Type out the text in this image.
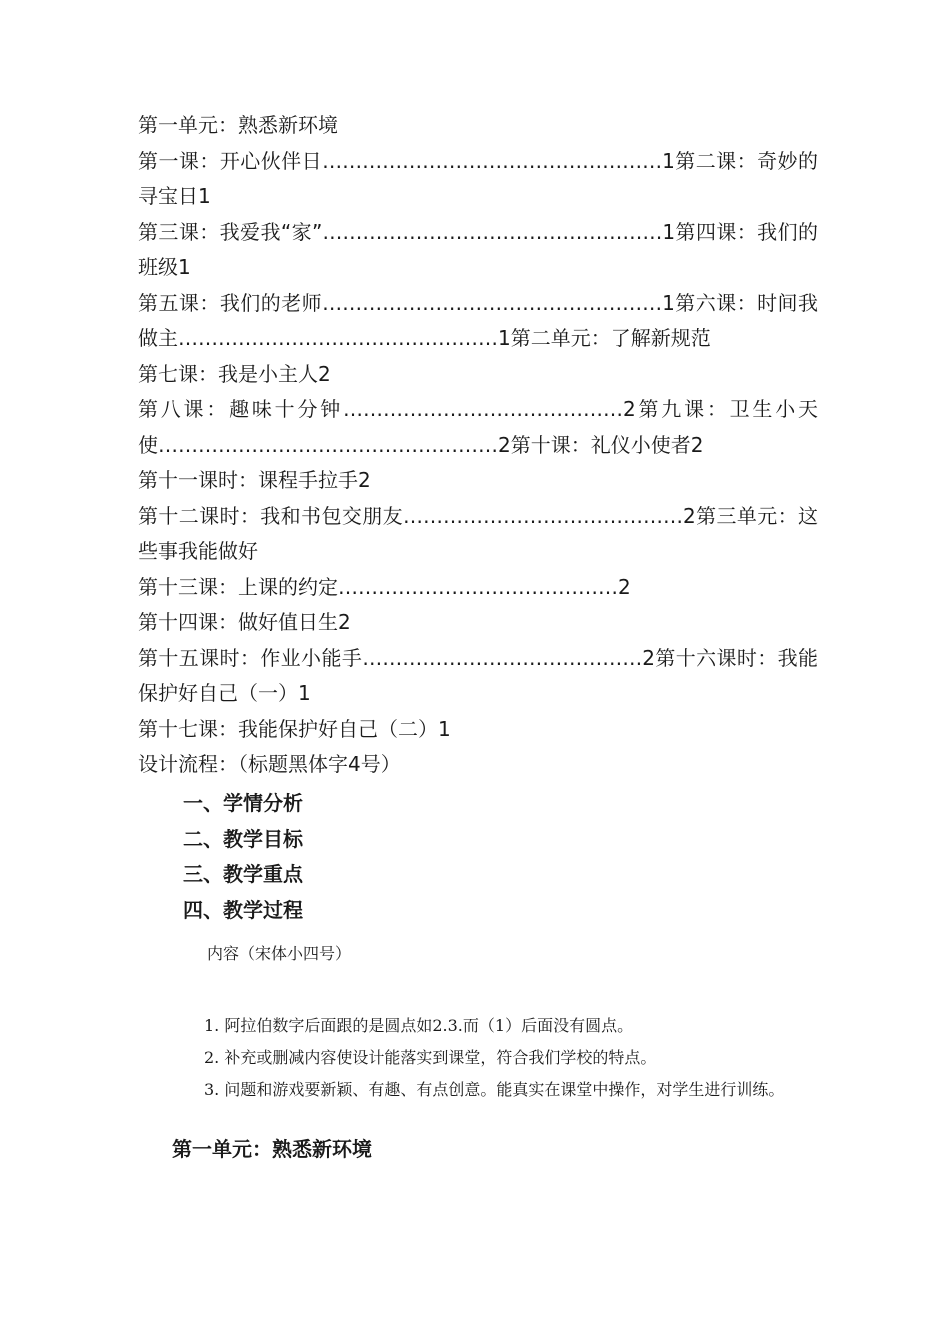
第一单元：熟悉新环境

第一课：开心伙伴日……………………………………………1第二课：奇妙的寻宝日1

第三课：我爱我“家”……………………………………………1第四课：我们的班级1

第五课：我们的老师……………………………………………1第六课：时间我做主…………………………………………1第二单元：了解新规范

第七课：我是小主人2

第八课：趣味十分钟……………………………………2第九课：卫生小天使……………………………………………2第十课：礼仪小使者2

第十一课时：课程手拉手2

第十二课时：我和书包交朋友……………………………………2第三单元：这些事我能做好

第十三课：上课的约定……………………………………2

第十四课：做好值日生2

第十五课时：作业小能手……………………………………2第十六课时：我能保护好自己（一）1

第十七课：我能保护好自己（二）1

设计流程：（标题黑体字4号）

一、学情分析

二、教学目标

三、教学重点

四、教学过程

内容（宋体小四号）

1. 阿拉伯数字后面跟的是圆点如2.3.而（1）后面没有圆点。

2. 补充或删减内容使设计能落实到课堂，符合我们学校的特点。

3. 问题和游戏要新颖、有趣、有点创意。能真实在课堂中操作，对学生进行训练。

第一单元：熟悉新环境
